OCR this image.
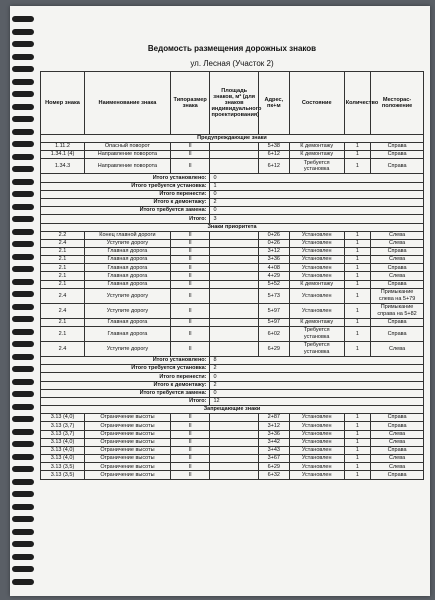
Ведомость размещения дорожных знаков
ул. Лесная (Участок 2)
Номер знака	Наименование знака	Типоразмер знака	Площадь знаков, м² (для знаков индивидуального проектирования)	Адрес, пк+м	Состояние	Количество	Месторас-положение
Предупреждающие знаки							
1.11.2	Опасный поворот	II		5+38	К демонтажу	1	Справа
1.34.1 (4)	Направление поворота	II		6+12	К демонтажу	1	Справа
1.34.3	Направление поворота	II		6+12	Требуется установка	1	Справа
Итого установлено:			0				
Итого требуется установка:			1				
Итого перенести:			0				
Итого к демонтажу:			2				
Итого требуется замена:			0				
Итого:			3				
Знаки приоритета							
2.2	Конец главной дороги	II		0+26	Установлен	1	Слева
2.4	Уступите дорогу	II		0+26	Установлен	1	Слева
2.1	Главная дорога	II		3+12	Установлен	1	Справа
2.1	Главная дорога	II		3+36	Установлен	1	Слева
2.1	Главная дорога	II		4+08	Установлен	1	Справа
2.1	Главная дорога	II		4+29	Установлен	1	Слева
2.1	Главная дорога	II		5+52	К демонтажу	1	Справа
2.4	Уступите дорогу	II		5+73	Установлен	1	Примыкание слева на 5+79
2.4	Уступите дорогу	II		5+97	Установлен	1	Примыкание справа на 5+82
2.1	Главная дорога	II		5+97	К демонтажу	1	Справа
2.1	Главная дорога	II		6+02	Требуется установка	1	Справа
2.4	Уступите дорогу	II		6+29	Требуется установка	1	Слева
Итого установлено:			8				
Итого требуется установка:			2				
Итого перенести:			0				
Итого к демонтажу:			2				
Итого требуется замена:			0				
Итого:			12				
Запрещающие знаки							
3.13 (4,0)	Ограничение высоты	II		2+87	Установлен	1	Справа
3.13 (3,7)	Ограничение высоты	II		3+12	Установлен	1	Справа
3.13 (3,7)	Ограничение высоты	II		3+36	Установлен	1	Слева
3.13 (4,0)	Ограничение высоты	II		3+42	Установлен	1	Слева
3.13 (4,0)	Ограничение высоты	II		3+43	Установлен	1	Справа
3.13 (4,0)	Ограничение высоты	II		3+67	Установлен	1	Слева
3.13 (3,5)	Ограничение высоты	II		6+29	Установлен	1	Слева
3.13 (3,5)	Ограничение высоты	II		6+32	Установлен	1	Справа
